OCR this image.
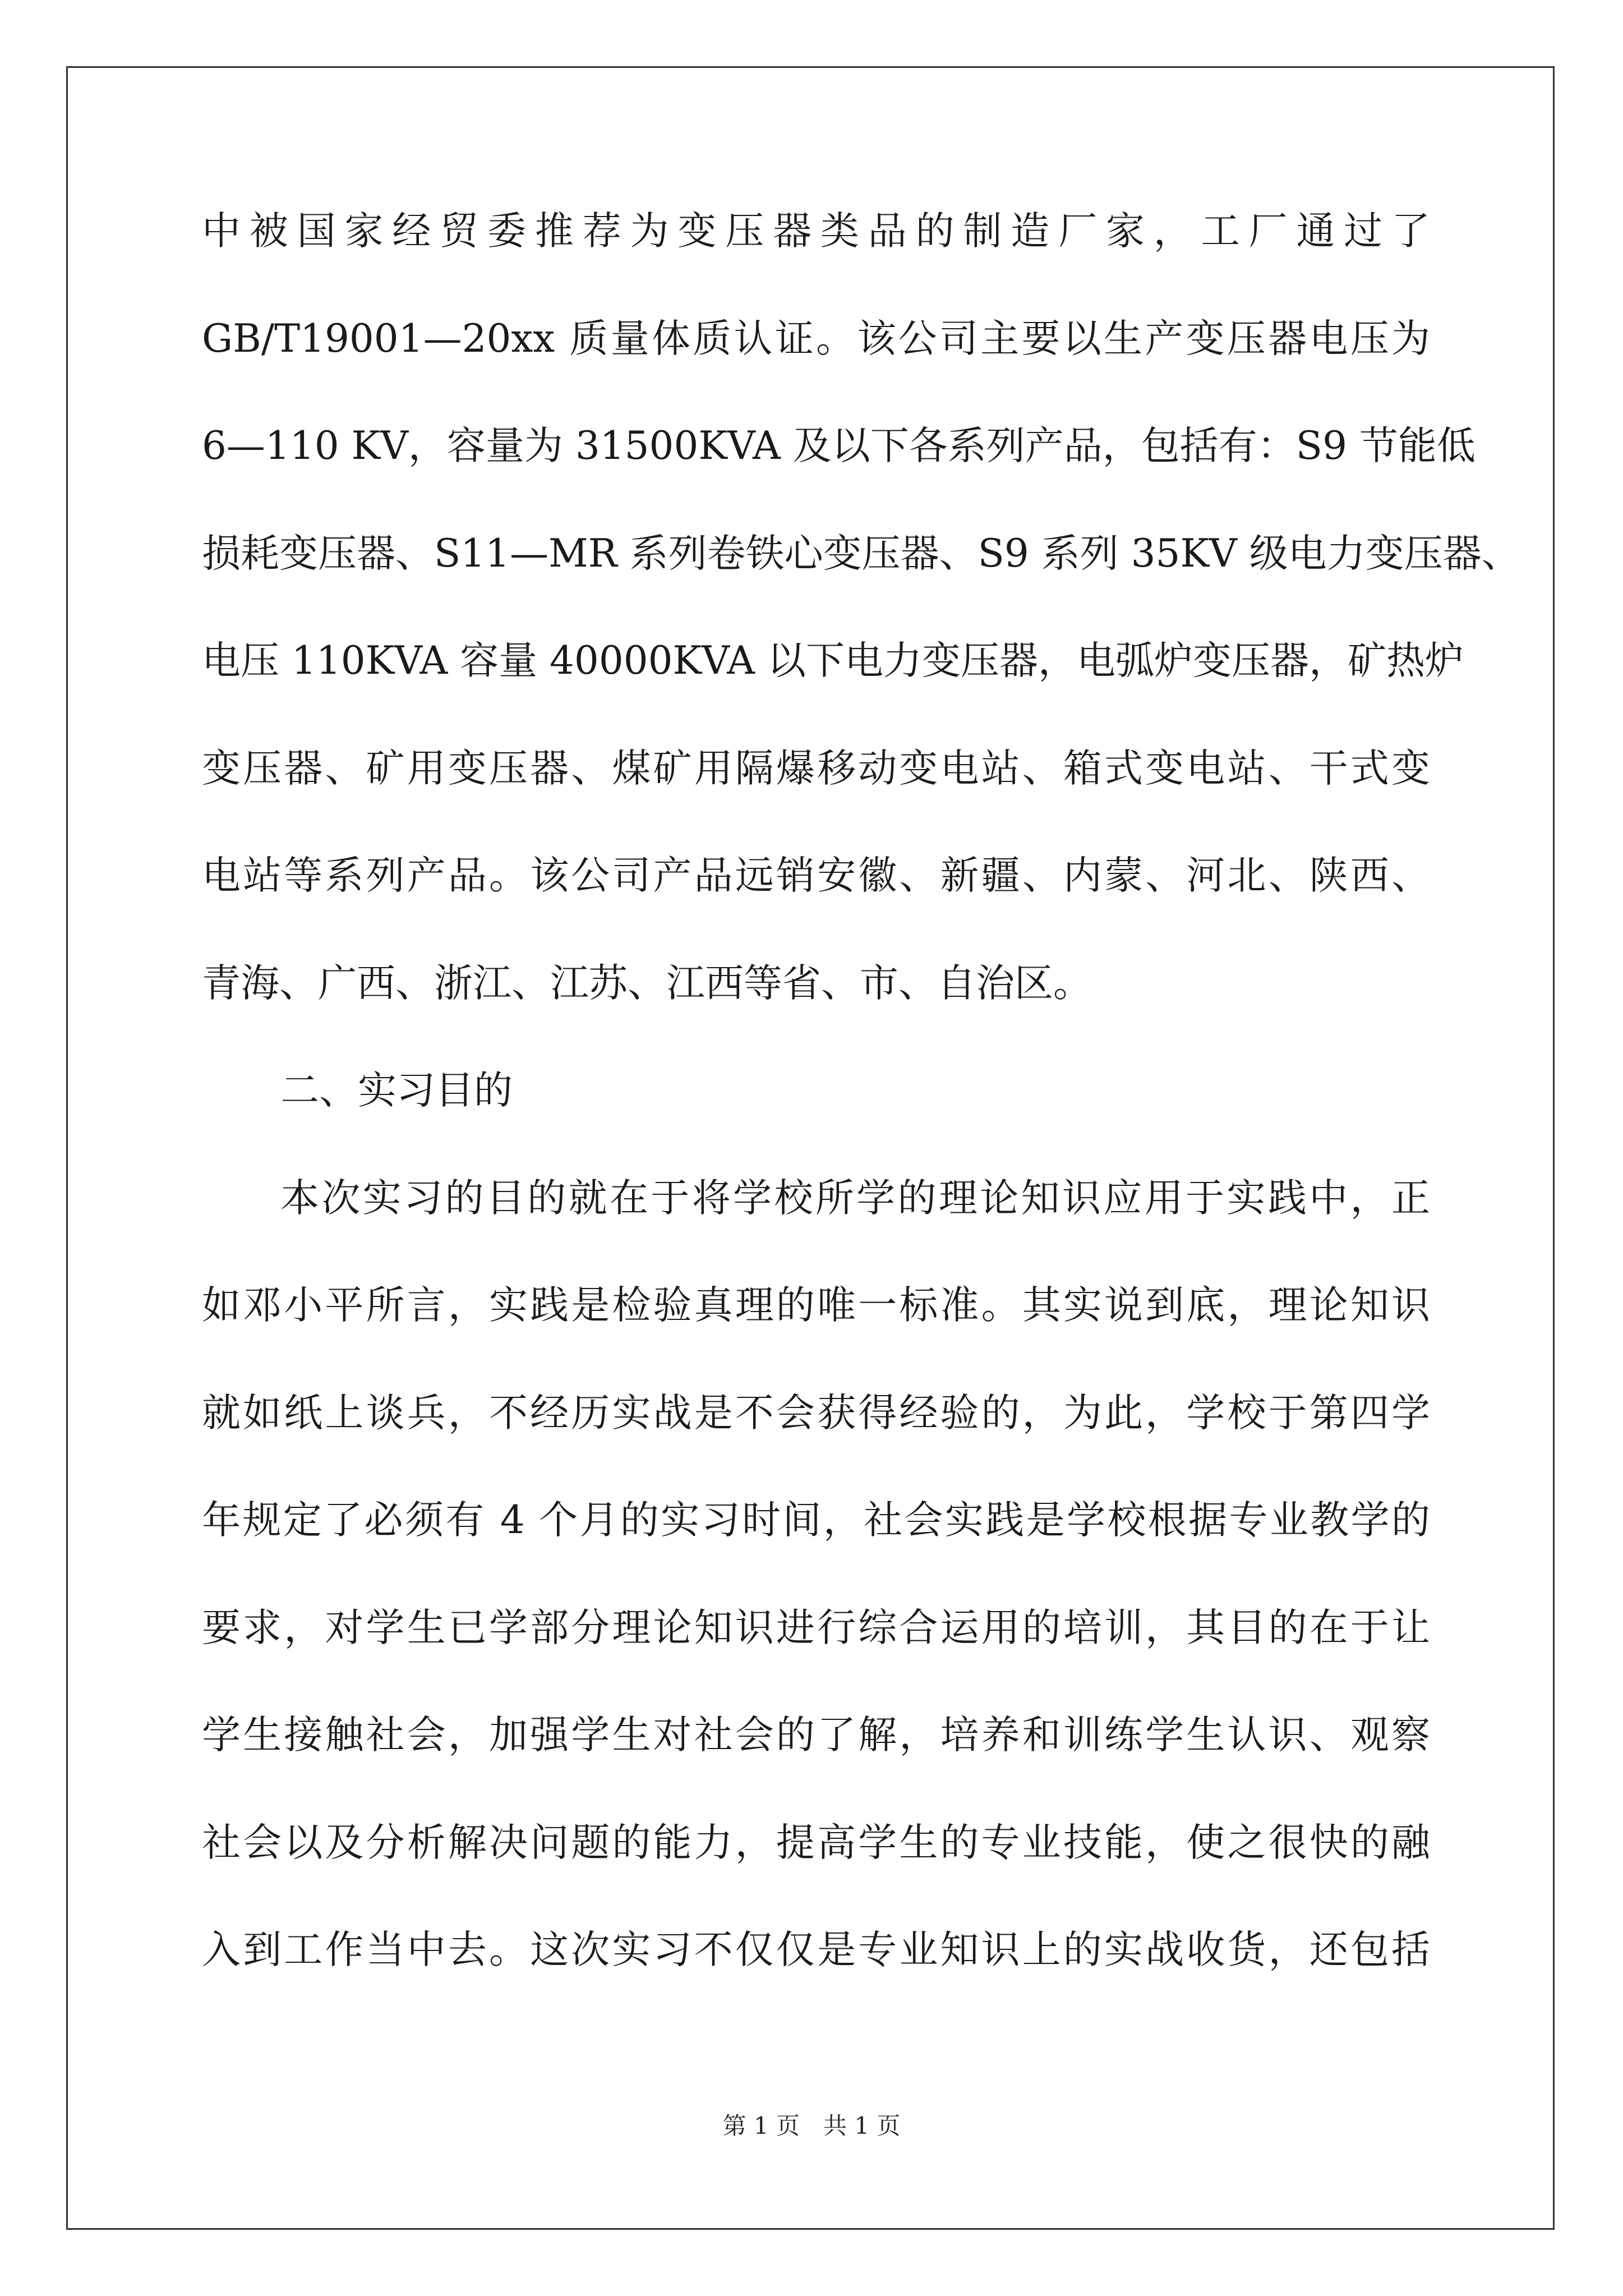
中被国家经贸委推荐为变压器类品的制造厂家，工厂通过了
GB/T19001—20xx 质量体质认证。该公司主要以生产变压器电压为
6—110 KV，容量为 31500KVA 及以下各系列产品，包括有：S9 节能低
损耗变压器、S11—MR 系列卷铁心变压器、S9 系列 35KV 级电力变压器、
电压 110KVA 容量 40000KVA 以下电力变压器，电弧炉变压器，矿热炉
变压器、矿用变压器、煤矿用隔爆移动变电站、箱式变电站、干式变
电站等系列产品。该公司产品远销安徽、新疆、内蒙、河北、陕西、
青海、广西、浙江、江苏、江西等省、市、自治区。
二、实习目的
本次实习的目的就在于将学校所学的理论知识应用于实践中，正
如邓小平所言，实践是检验真理的唯一标准。其实说到底，理论知识
就如纸上谈兵，不经历实战是不会获得经验的，为此，学校于第四学
年规定了必须有 4 个月的实习时间，社会实践是学校根据专业教学的
要求，对学生已学部分理论知识进行综合运用的培训，其目的在于让
学生接触社会，加强学生对社会的了解，培养和训练学生认识、观察
社会以及分析解决问题的能力，提高学生的专业技能，使之很快的融
入到工作当中去。这次实习不仅仅是专业知识上的实战收货，还包括
第 1 页　共 1 页
